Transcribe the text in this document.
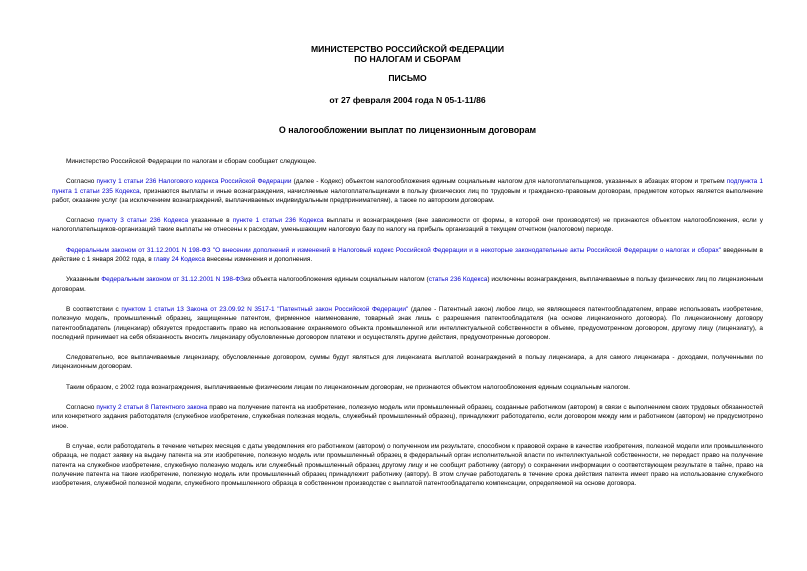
МИНИСТЕРСТВО РОССИЙСКОЙ ФЕДЕРАЦИИ
ПО НАЛОГАМ И СБОРАМ
ПИСЬМО
от 27 февраля 2004 года N 05-1-11/86
О налогообложении выплат по лицензионным договорам

Министерство Российской Федерации по налогам и сборам сообщает следующее.

Согласно пункту 1 статьи 236 Налогового кодекса Российской Федерации (далее - Кодекс) объектом налогообложения единым социальным налогом для налогоплательщиков, указанных в абзацах втором и третьем подпункта 1 пункта 1 статьи 235 Кодекса, признаются выплаты и иные вознаграждения, начисляемые налогоплательщиками в пользу физических лиц по трудовым и гражданско-правовым договорам, предметом которых является выполнение работ, оказание услуг (за исключением вознаграждений, выплачиваемых индивидуальным предпринимателям), а также по авторским договорам.

Согласно пункту 3 статьи 236 Кодекса указанные в пункте 1 статьи 236 Кодекса выплаты и вознаграждения (вне зависимости от формы, в которой они производятся) не признаются объектом налогообложения, если у налогоплательщиков-организаций такие выплаты не отнесены к расходам, уменьшающим налоговую базу по налогу на прибыль организаций в текущем отчетном (налоговом) периоде.

Федеральным законом от 31.12.2001 N 198-ФЗ "О внесении дополнений и изменений в Налоговый кодекс Российской Федерации и в некоторые законодательные акты Российской Федерации о налогах и сборах" введенным в действие с 1 января 2002 года, в главу 24 Кодекса внесены изменения и дополнения.

Указанным Федеральным законом от 31.12.2001 N 198-ФЗиз объекта налогообложения единым социальным налогом (статья 236 Кодекса) исключены вознаграждения, выплачиваемые в пользу физических лиц по лицензионным договорам.

В соответствии с пунктом 1 статьи 13 Закона от 23.09.92 N 3517-1 "Патентный закон Российской Федерации" (далее - Патентный закон) любое лицо, не являющееся патентообладателем, вправе использовать изобретение, полезную модель, промышленный образец, защищенные патентом, фирменное наименование, товарный знак лишь с разрешения патентообладателя (на основе лицензионного договора). По лицензионному договору патентообладатель (лицензиар) обязуется предоставить право на использование охраняемого объекта промышленной или интеллектуальной собственности в объеме, предусмотренном договором, другому лицу (лицензиату), а последний принимает на себя обязанность вносить лицензиару обусловленные договором платежи и осуществлять другие действия, предусмотренные договором.

Следовательно, все выплачиваемые лицензиару, обусловленные договором, суммы будут являться для лицензиата выплатой вознаграждений в пользу лицензиара, а для самого лицензиара - доходами, полученными по лицензионным договорам.

Таким образом, с 2002 года вознаграждения, выплачиваемые физическим лицам по лицензионным договорам, не признаются объектом налогообложения единым социальным налогом.

Согласно пункту 2 статьи 8 Патентного закона право на получение патента на изобретение, полезную модель или промышленный образец, созданные работником (автором) в связи с выполнением своих трудовых обязанностей или конкретного задания работодателя (служебное изобретение, служебная полезная модель, служебный промышленный образец), принадлежит работодателю, если договором между ним и работником (автором) не предусмотрено иное.

В случае, если работодатель в течение четырех месяцев с даты уведомления его работником (автором) о полученном им результате, способном к правовой охране в качестве изобретения, полезной модели или промышленного образца, не подаст заявку на выдачу патента на эти изобретение, полезную модель или промышленный образец в федеральный орган исполнительной власти по интеллектуальной собственности, не передаст право на получение патента на служебное изобретение, служебную полезную модель или служебный промышленный образец другому лицу и не сообщит работнику (автору) о сохранении информации о соответствующем результате в тайне, право на получение патента на такие изобретение, полезную модель или промышленный образец принадлежит работнику (автору). В этом случае работодатель в течение срока действия патента имеет право на использование служебного изобретения, служебной полезной модели, служебного промышленного образца в собственном производстве с выплатой патентообладателю компенсации, определяемой на основе договора.
